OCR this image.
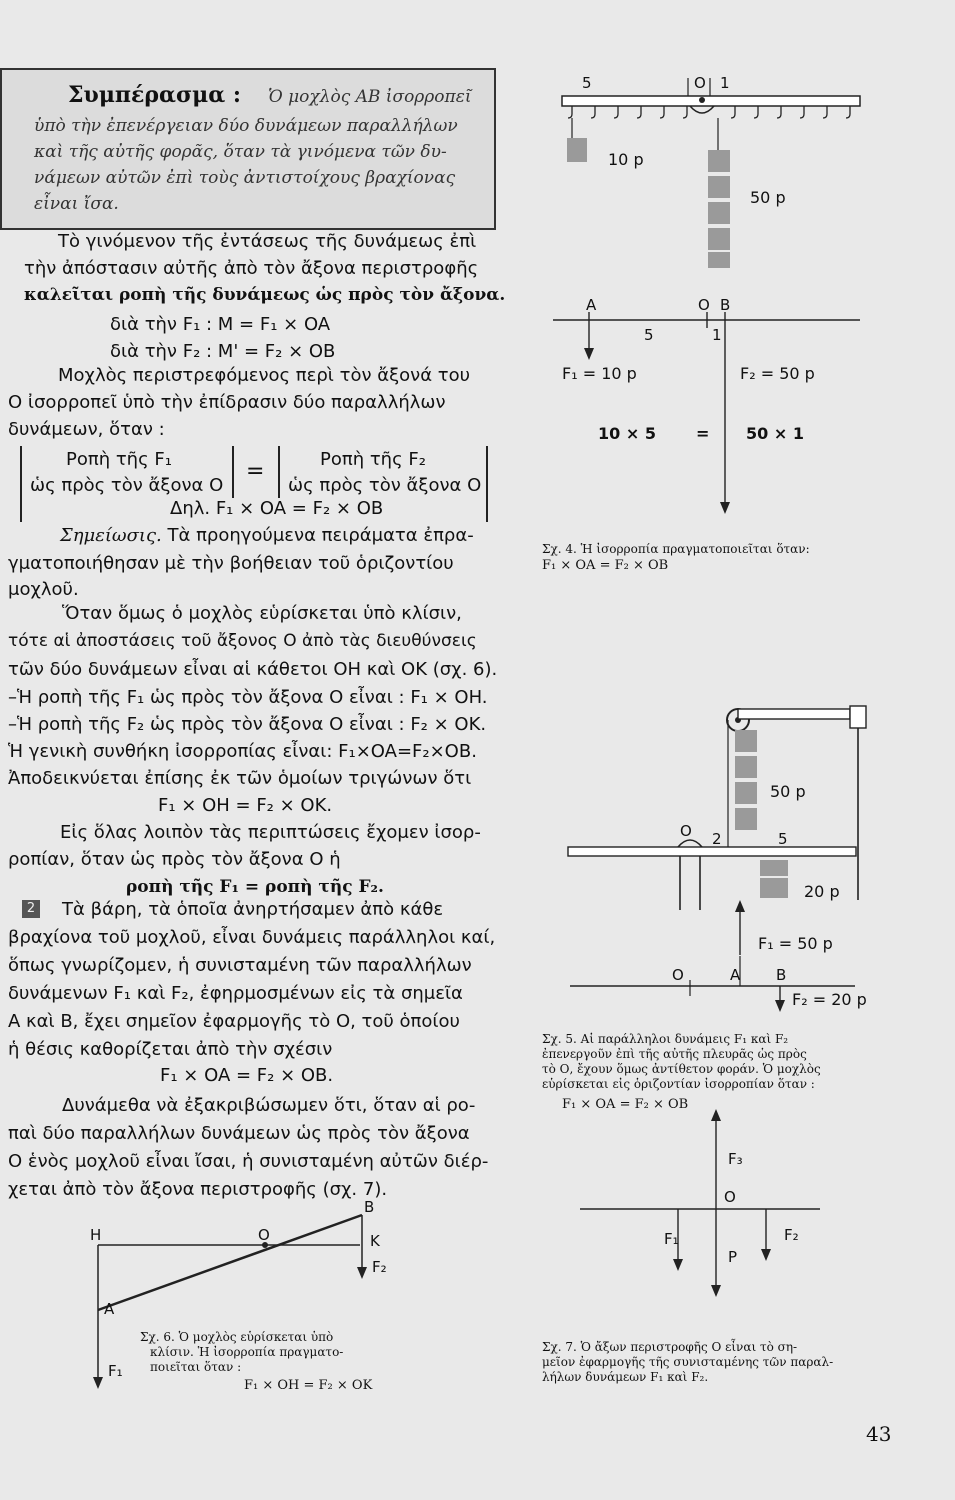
Συμπέρασμα : Ὁ μοχλὸς ΑΒ ἰσορροπεῖ
ὑπὸ τὴν ἐπενέργειαν δύο δυνάμεων παραλλήλων
καὶ τῆς αὐτῆς φορᾶς, ὅταν τὰ γινόμενα τῶν δυ-
νάμεων αὐτῶν ἐπὶ τοὺς ἀντιστοίχους βραχίονας
εἶναι ἴσα.
Τὸ γινόμενον τῆς ἐντάσεως τῆς δυνάμεως ἐπὶ
τὴν ἀπόστασιν αὐτῆς ἀπὸ τὸν ἄξονα περιστροφῆς
καλεῖται ροπὴ τῆς δυνάμεως ὡς πρὸς τὸν ἄξονα.
διὰ τὴν F₁ : M = F₁ × OA
διὰ τὴν F₂ : M' = F₂ × OB
Μοχλὸς περιστρεφόμενος περὶ τὸν ἄξονά του
Ο ἰσορροπεῖ ὑπὸ τὴν ἐπίδρασιν δύο παραλλήλων
δυνάμεων, ὅταν :
Ροπὴ τῆς F₁
ὡς πρὸς τὸν ἄξονα Ο
=	Ροπὴ τῆς F₂
ὡς πρὸς τὸν ἄξονα Ο
Δηλ. F₁ × OA = F₂ × OB
Σημείωσις. Τὰ προηγούμενα πειράματα ἐπρα-
γματοποιήθησαν μὲ τὴν βοήθειαν τοῦ ὁριζοντίου
μοχλοῦ.
Ὅταν ὅμως ὁ μοχλὸς εὑρίσκεται ὑπὸ κλίσιν,
τότε αἱ ἀποστάσεις τοῦ ἄξονος Ο ἀπὸ τὰς διευθύνσεις
τῶν δύο δυνάμεων εἶναι αἱ κάθετοι ΟΗ καὶ ΟΚ (σχ. 6).
–Ἡ ροπὴ τῆς F₁ ὡς πρὸς τὸν ἄξονα Ο εἶναι : F₁ × OH.
–Ἡ ροπὴ τῆς F₂ ὡς πρὸς τὸν ἄξονα Ο εἶναι : F₂ × OK.
Ἡ γενικὴ συνθήκη ἰσορροπίας εἶναι: F₁×OA=F₂×OB.
Ἀποδεικνύεται ἐπίσης ἐκ τῶν ὁμοίων τριγώνων ὅτι
F₁ × OH = F₂ × OK.
Εἰς ὅλας λοιπὸν τὰς περιπτώσεις ἔχομεν ἰσορ-
ροπίαν, ὅταν ὡς πρὸς τὸν ἄξονα Ο ἡ
ροπὴ τῆς F₁ = ροπὴ τῆς F₂.
2 Τὰ βάρη, τὰ ὁποῖα ἀνηρτήσαμεν ἀπὸ κάθε
βραχίονα τοῦ μοχλοῦ, εἶναι δυνάμεις παράλληλοι καί,
ὅπως γνωρίζομεν, ἡ συνισταμένη τῶν παραλλήλων
δυνάμενων F₁ καὶ F₂, ἐφηρμοσμένων εἰς τὰ σημεῖα
Α καὶ Β, ἔχει σημεῖον ἐφαρμογῆς τὸ Ο, τοῦ ὁποίου
ἡ θέσις καθορίζεται ἀπὸ τὴν σχέσιν
F₁ × OA = F₂ × OB.
Δυνάμεθα νὰ ἐξακριβώσωμεν ὅτι, ὅταν αἱ ρο-
παὶ δύο παραλλήλων δυνάμεων ὡς πρὸς τὸν ἄξονα
Ο ἑνὸς μοχλοῦ εἶναι ἴσαι, ἡ συνισταμένη αὐτῶν διέρ-
χεται ἀπὸ τὸν ἄξονα περιστροφῆς (σχ. 7).
H	O
B
K
F₂
A
F₁
Σχ. 6. Ὁ μοχλὸς εὑρίσκεται ὑπὸ
κλίσιν. Ἡ ἰσορροπία πραγματο-
ποιεῖται ὅταν :
F₁ × OH = F₂ × OK
5	O 1
10 p
50 p
A	O B
5	1
F₁ = 10 p	F₂ = 50 p
10 × 5	= 50 × 1
Σχ. 4. Ἡ ἰσορροπία πραγματοποιεῖται ὅταν:
F₁ × OA = F₂ × OB
50 p
O 2	5
20 p
F₁ = 50 p
O	A B
F₂ = 20 p
Σχ. 5. Αἱ παράλληλοι δυνάμεις F₁ καὶ F₂
ἐπενεργοῦν ἐπὶ τῆς αὐτῆς πλευρᾶς ὡς πρὸς
τὸ Ο, ἔχουν ὅμως ἀντίθετον φοράν. Ὁ μοχλὸς
εὑρίσκεται εἰς ὁριζοντίαν ἰσορροπίαν ὅταν :
F₁ × OA = F₂ × OB
F₃
O
F₁	F₂
P
Σχ. 7. Ὁ ἄξων περιστροφῆς Ο εἶναι τὸ ση-
μεῖον ἐφαρμογῆς τῆς συνισταμένης τῶν παραλ-
λήλων δυνάμεων F₁ καὶ F₂.
43
